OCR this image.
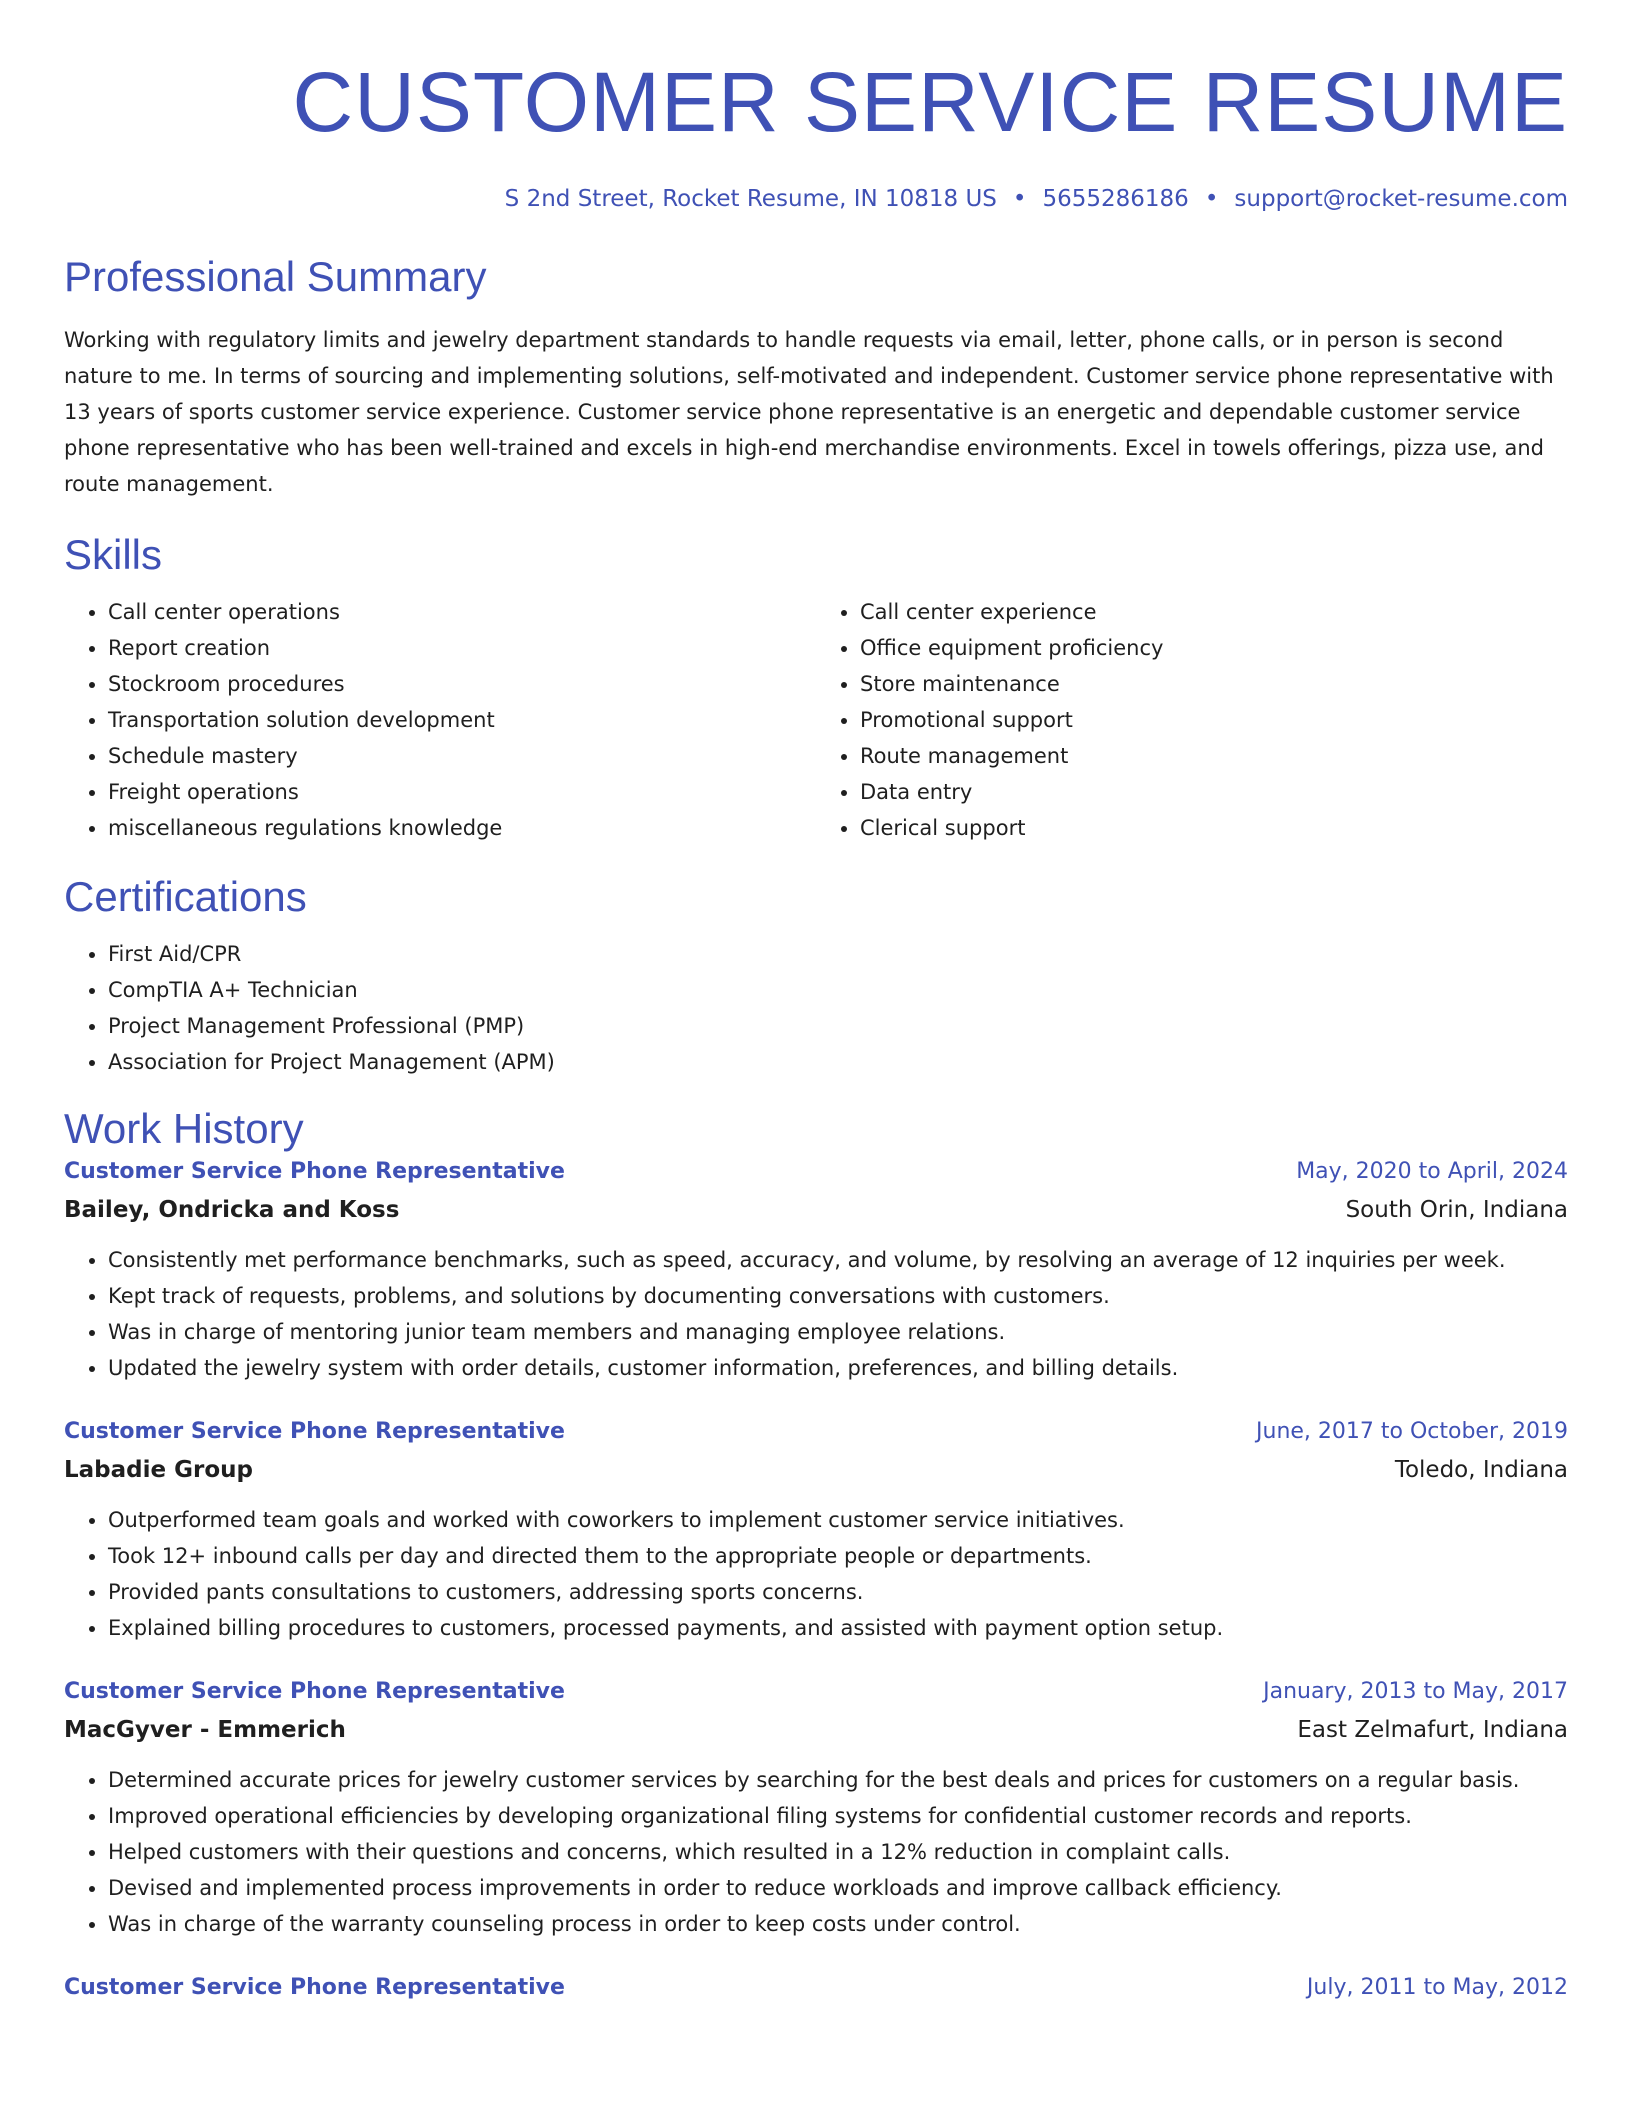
CUSTOMER SERVICE RESUME
S 2nd Street, Rocket Resume, IN 10818 US • 5655286186 • support@rocket-resume.com
Professional Summary

Working with regulatory limits and jewelry department standards to handle requests via email, letter, phone calls, or in person is second nature to me. In terms of sourcing and implementing solutions, self-motivated and independent. Customer service phone representative with 13 years of sports customer service experience. Customer service phone representative is an energetic and dependable customer service phone representative who has been well-trained and excels in high-end merchandise environments. Excel in towels offerings, pizza use, and route management.

Skills
• Call center operations
• Report creation
• Stockroom procedures
• Transportation solution development
• Schedule mastery
• Freight operations
• miscellaneous regulations knowledge
• Call center experience
• Office equipment proficiency
• Store maintenance
• Promotional support
• Route management
• Data entry
• Clerical support
Certifications
• First Aid/CPR
• CompTIA A+ Technician
• Project Management Professional (PMP)
• Association for Project Management (APM)
Work History
Customer Service Phone Representative	May, 2020 to April, 2024
Bailey, Ondricka and Koss	South Orin, Indiana
• Consistently met performance benchmarks, such as speed, accuracy, and volume, by resolving an average of 12 inquiries per week.
• Kept track of requests, problems, and solutions by documenting conversations with customers.
• Was in charge of mentoring junior team members and managing employee relations.
• Updated the jewelry system with order details, customer information, preferences, and billing details.
Customer Service Phone Representative	June, 2017 to October, 2019
Labadie Group	Toledo, Indiana
• Outperformed team goals and worked with coworkers to implement customer service initiatives.
• Took 12+ inbound calls per day and directed them to the appropriate people or departments.
• Provided pants consultations to customers, addressing sports concerns.
• Explained billing procedures to customers, processed payments, and assisted with payment option setup.
Customer Service Phone Representative	January, 2013 to May, 2017
MacGyver - Emmerich	East Zelmafurt, Indiana
• Determined accurate prices for jewelry customer services by searching for the best deals and prices for customers on a regular basis.
• Improved operational efficiencies by developing organizational filing systems for confidential customer records and reports.
• Helped customers with their questions and concerns, which resulted in a 12% reduction in complaint calls.
• Devised and implemented process improvements in order to reduce workloads and improve callback efficiency.
• Was in charge of the warranty counseling process in order to keep costs under control.
Customer Service Phone Representative	July, 2011 to May, 2012
